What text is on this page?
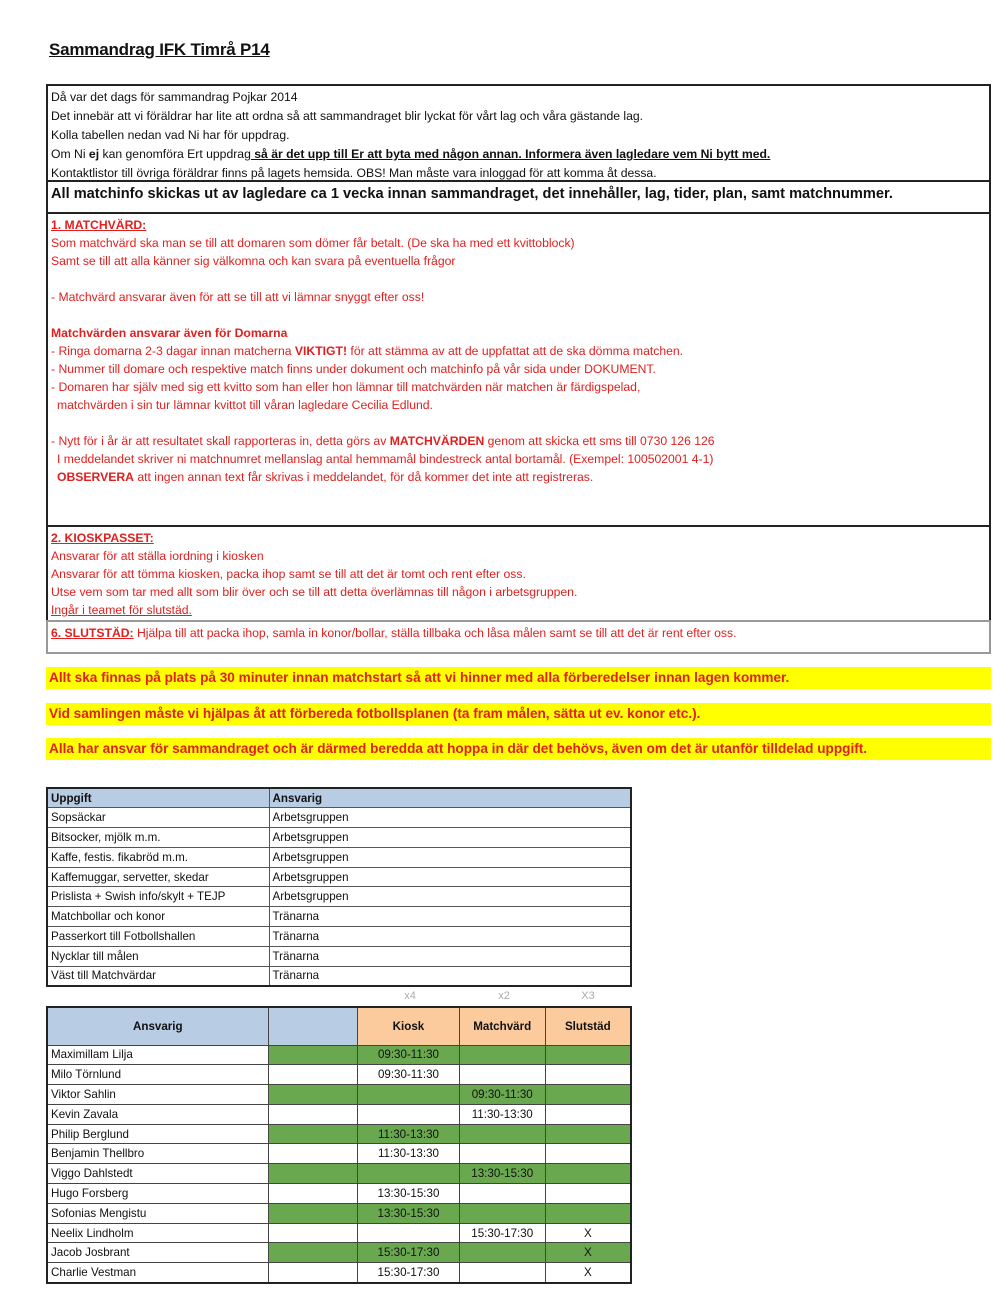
Sammandrag IFK Timrå P14
Då var det dags för sammandrag Pojkar 2014
Det innebär att vi föräldrar har lite att ordna så att sammandraget blir lyckat för vårt lag och våra gästande lag.
Kolla tabellen nedan vad Ni har för uppdrag.
Om Ni ej kan genomföra Ert uppdrag så är det upp till Er att byta med någon annan. Informera även lagledare vem Ni bytt med.
Kontaktlistor till övriga föräldrar finns på lagets hemsida. OBS! Man måste vara inloggad för att komma åt dessa.
All matchinfo skickas ut av lagledare ca 1 vecka innan sammandraget, det innehåller, lag, tider, plan, samt matchnummer.
1. MATCHVÄRD:
Som matchvärd ska man se till att domaren som dömer får betalt. (De ska ha med ett kvittoblock)
Samt se till att alla känner sig välkomna och kan svara på eventuella frågor
- Matchvärd ansvarar även för att se till att vi lämnar snyggt efter oss!
Matchvärden ansvarar även för Domarna
- Ringa domarna 2-3 dagar innan matcherna VIKTIGT! för att stämma av att de uppfattat att de ska dömma matchen.
- Nummer till domare och respektive match finns under dokument och matchinfo på vår sida under DOKUMENT.
- Domaren har själv med sig ett kvitto som han eller hon lämnar till matchvärden när matchen är färdigspelad,
matchvärden i sin tur lämnar kvittot till våran lagledare Cecilia Edlund.
- Nytt för i år är att resultatet skall rapporteras in, detta görs av MATCHVÄRDEN genom att skicka ett sms till 0730 126 126
I meddelandet skriver ni matchnumret mellanslag antal hemmamål bindestreck antal bortamål. (Exempel: 100502001 4-1)
OBSERVERA att ingen annan text får skrivas i meddelandet, för då kommer det inte att registreras.
2. KIOSKPASSET:
Ansvarar för att ställa iordning i kiosken
Ansvarar för att tömma kiosken, packa ihop samt se till att det är tomt och rent efter oss.
Utse vem som tar med allt som blir över och se till att detta överlämnas till någon i arbetsgruppen.
Ingår i teamet för slutstäd.
6. SLUTSTÄD: Hjälpa till att packa ihop, samla in konor/bollar, ställa tillbaka och låsa målen samt se till att det är rent efter oss.
Allt ska finnas på plats på 30 minuter innan matchstart så att vi hinner med alla förberedelser innan lagen kommer.
Vid samlingen måste vi hjälpas åt att förbereda fotbollsplanen (ta fram målen, sätta ut ev. konor etc.).
Alla har ansvar för sammandraget och är därmed beredda att hoppa in där det behövs, även om det är utanför tilldelad uppgift.
Uppgift	Ansvarig
Sopsäckar	Arbetsgruppen
Bitsocker, mjölk m.m.	Arbetsgruppen
Kaffe, festis. fikabröd m.m.	Arbetsgruppen
Kaffemuggar, servetter, skedar	Arbetsgruppen
Prislista + Swish info/skylt + TEJP	Arbetsgruppen
Matchbollar och konor	Tränarna
Passerkort till Fotbollshallen	Tränarna
Nycklar till målen	Tränarna
Väst till Matchvärdar	Tränarna
x4	x2	X3
Ansvarig		Kiosk	Matchvärd	Slutstäd
Maximillam Lilja		09:30-11:30		
Milo Törnlund		09:30-11:30		
Viktor Sahlin			09:30-11:30	
Kevin Zavala			11:30-13:30	
Philip Berglund		11:30-13:30		
Benjamin Thellbro		11:30-13:30		
Viggo Dahlstedt			13:30-15:30	
Hugo Forsberg		13:30-15:30		
Sofonias Mengistu		13:30-15:30		
Neelix Lindholm			15:30-17:30	X
Jacob Josbrant		15:30-17:30		X
Charlie Vestman		15:30-17:30		X
